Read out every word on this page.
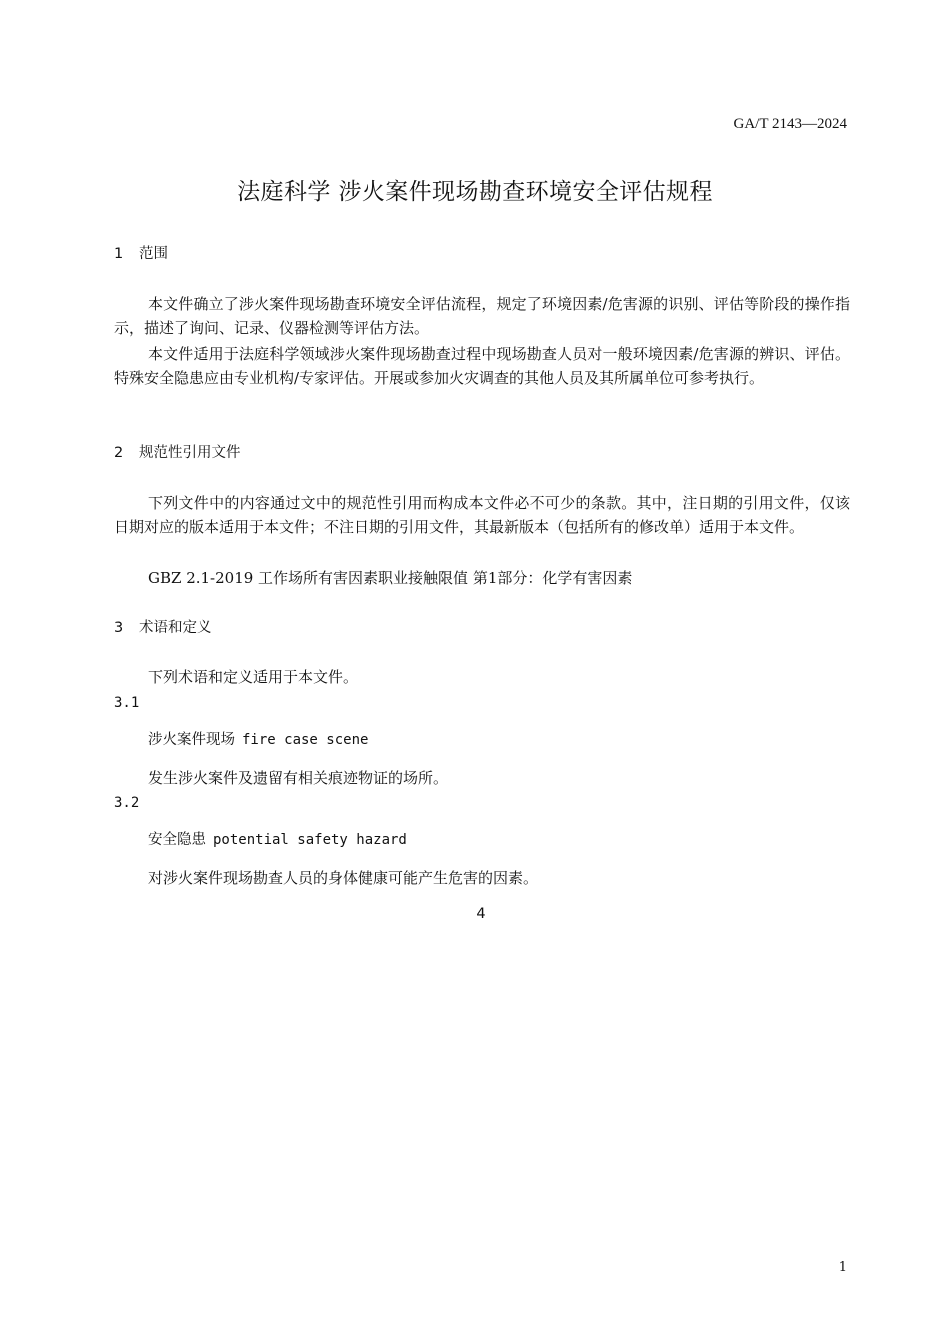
GA/T 2143—2024
法庭科学 涉火案件现场勘查环境安全评估规程
1 范围
本文件确立了涉火案件现场勘查环境安全评估流程，规定了环境因素/危害源的识别、评估等阶段的操作指示，描述了询问、记录、仪器检测等评估方法。
本文件适用于法庭科学领域涉火案件现场勘查过程中现场勘查人员对一般环境因素/危害源的辨识、评估。特殊安全隐患应由专业机构/专家评估。开展或参加火灾调查的其他人员及其所属单位可参考执行。
2 规范性引用文件
下列文件中的内容通过文中的规范性引用而构成本文件必不可少的条款。其中，注日期的引用文件，仅该日期对应的版本适用于本文件；不注日期的引用文件，其最新版本（包括所有的修改单）适用于本文件。
GBZ 2.1-2019 工作场所有害因素职业接触限值 第1部分：化学有害因素
3 术语和定义
下列术语和定义适用于本文件。
3.1
涉火案件现场 fire case scene
发生涉火案件及遗留有相关痕迹物证的场所。
3.2
安全隐患 potential safety hazard
对涉火案件现场勘查人员的身体健康可能产生危害的因素。
4
1
